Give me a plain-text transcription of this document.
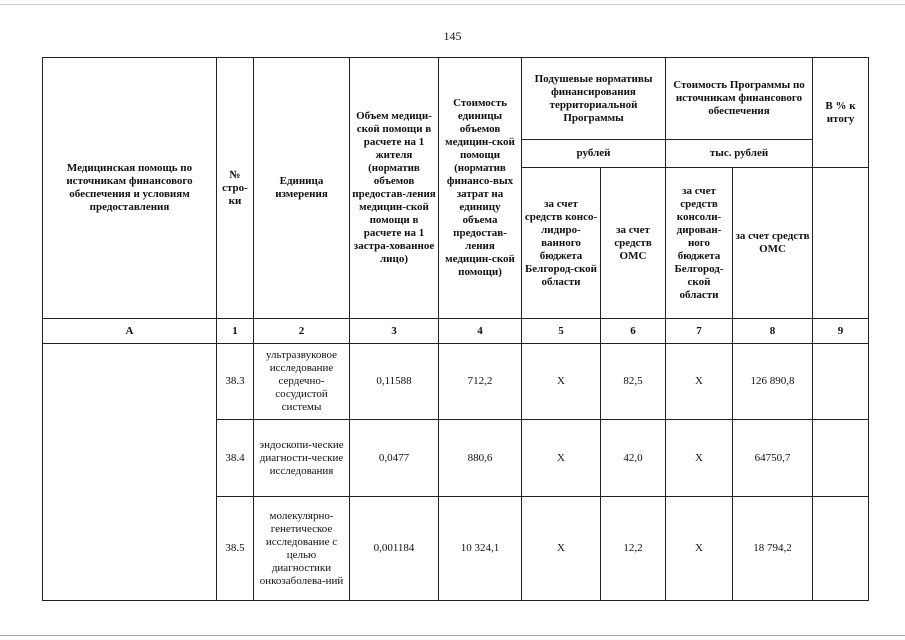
145
Медицинская помощь по источникам финансового обеспечения и условиям предоставления	№ стро-ки	Единица измерения	Объем медици-ской помощи в расчете на 1 жителя (норматив объемов предостав-ления медицин-ской помощи в расчете на 1 застра-хованное лицо)	Стоимость единицы объемов медицин-ской помощи (норматив финансо-вых затрат на единицу объема предостав-ления медицин-ской помощи)	Подушевые нормативы финансирования территориальной Программы		Стоимость Программы по источникам финансового обеспечения		В % к итогу
					рублей		тыс. рублей		
					за счет средств консо-лидиро-ванного бюджета Белгород-ской области	за счет средств ОМС	за счет средств консоли-дирован-ного бюджета Белгород-ской области	за счет средств ОМС	
А	1	2	3	4	5	6	7	8	9
	38.3	ультразвуковое исследование сердечно-сосудистой системы	0,11588	712,2	X	82,5	X	126 890,8	
	38.4	эндоскопи-ческие диагности-ческие исследования	0,0477	880,6	X	42,0	X	64750,7	
	38.5	молекулярно-генетическое исследование с целью диагностики онкозаболева-ний	0,001184	10 324,1	X	12,2	X	18 794,2	
